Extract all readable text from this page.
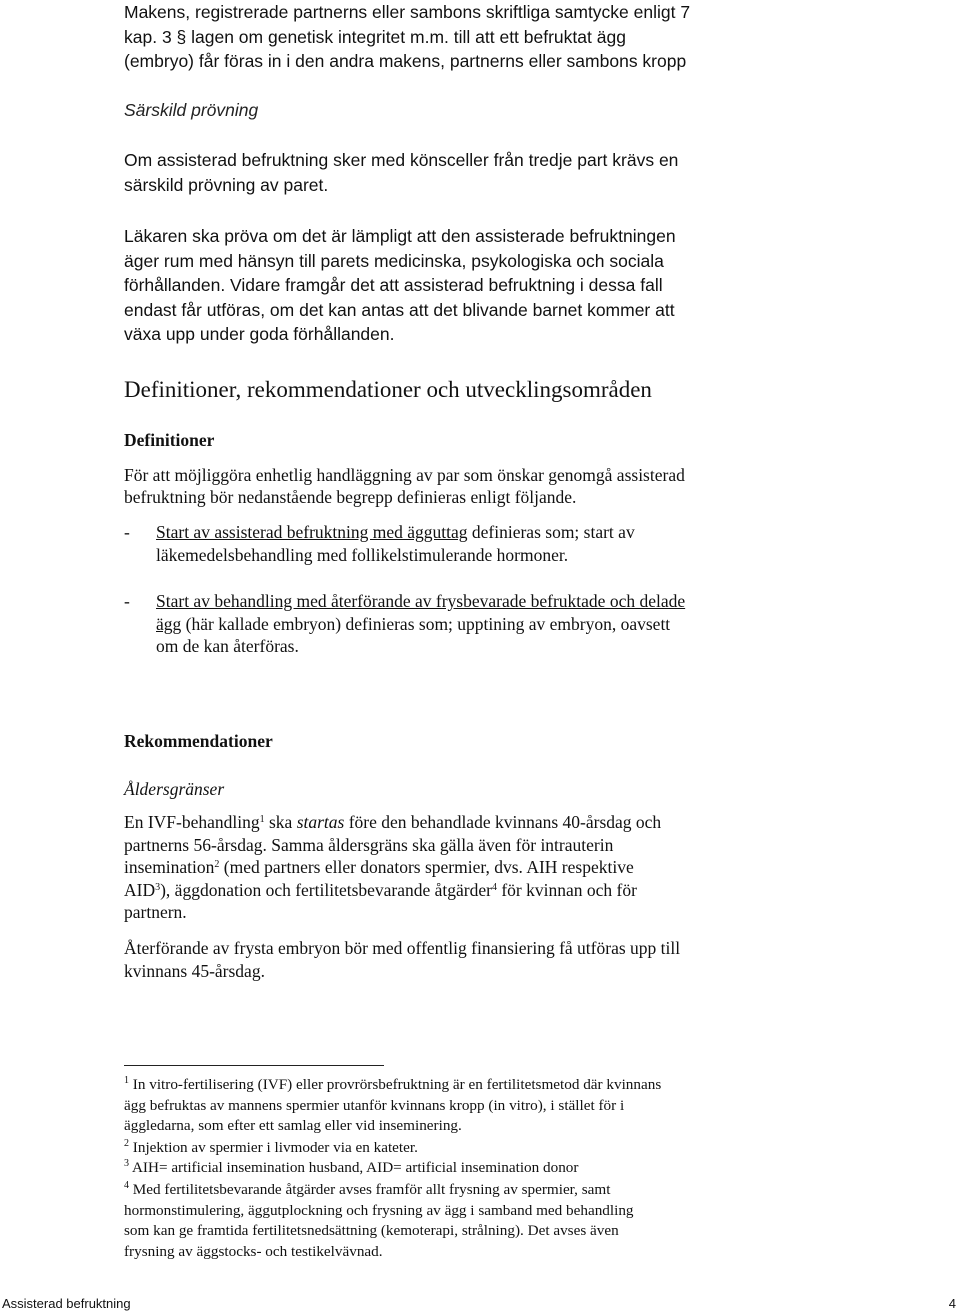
Makens, registrerade partnerns eller sambons skriftliga samtycke enligt 7

kap. 3 § lagen om genetisk integritet m.m. till att ett befruktat ägg

(embryo) får föras in i den andra makens, partnerns eller sambons kropp

Särskild prövning

Om assisterad befruktning sker med könsceller från tredje part krävs en

särskild prövning av paret.

Läkaren ska pröva om det är lämpligt att den assisterade befruktningen

äger rum med hänsyn till parets medicinska, psykologiska och sociala

förhållanden. Vidare framgår det att assisterad befruktning i dessa fall

endast får utföras, om det kan antas att det blivande barnet kommer att

växa upp under goda förhållanden.

Definitioner, rekommendationer och utvecklingsområden
Definitioner

För att möjliggöra enhetlig handläggning av par som önskar genomgå assisterad

befruktning bör nedanstående begrepp definieras enligt följande.

- Start av assisterad befruktning med ägguttag definieras som; start av
läkemedelsbehandling med follikelstimulerande hormoner.
- Start av behandling med återförande av frysbevarade befruktade och delade
ägg (här kallade embryon) definieras som; upptining av embryon, oavsett
om de kan återföras.
Rekommendationer
Åldersgränser

En IVF-behandling$^1$ ska startas före den behandlade kvinnans 40-årsdag och

partnerns 56-årsdag. Samma åldersgräns ska gälla även för intrauterin

insemination$^2$ (med partners eller donators spermier, dvs. AIH respektive

AID$^3$), äggdonation och fertilitetsbevarande åtgärder$^4$ för kvinnan och för

partnern.

Återförande av frysta embryon bör med offentlig finansiering få utföras upp till

kvinnans 45-årsdag.

$^1$ In vitro-fertilisering (IVF) eller provrörsbefruktning är en fertilitetsmetod där kvinnans
ägg befruktas av mannens spermier utanför kvinnans kropp (in vitro), i stället för i
äggledarna, som efter ett samlag eller vid inseminering.
$^2$ Injektion av spermier i livmoder via en kateter.
$^3$ AIH= artificial insemination husband, AID= artificial insemination donor
$^4$ Med fertilitetsbevarande åtgärder avses framför allt frysning av spermier, samt
hormonstimulering, äggutplockning och frysning av ägg i samband med behandling
som kan ge framtida fertilitetsnedsättning (kemoterapi, strålning). Det avses även
frysning av äggstocks- och testikelvävnad.
Assisterad befruktning	4
